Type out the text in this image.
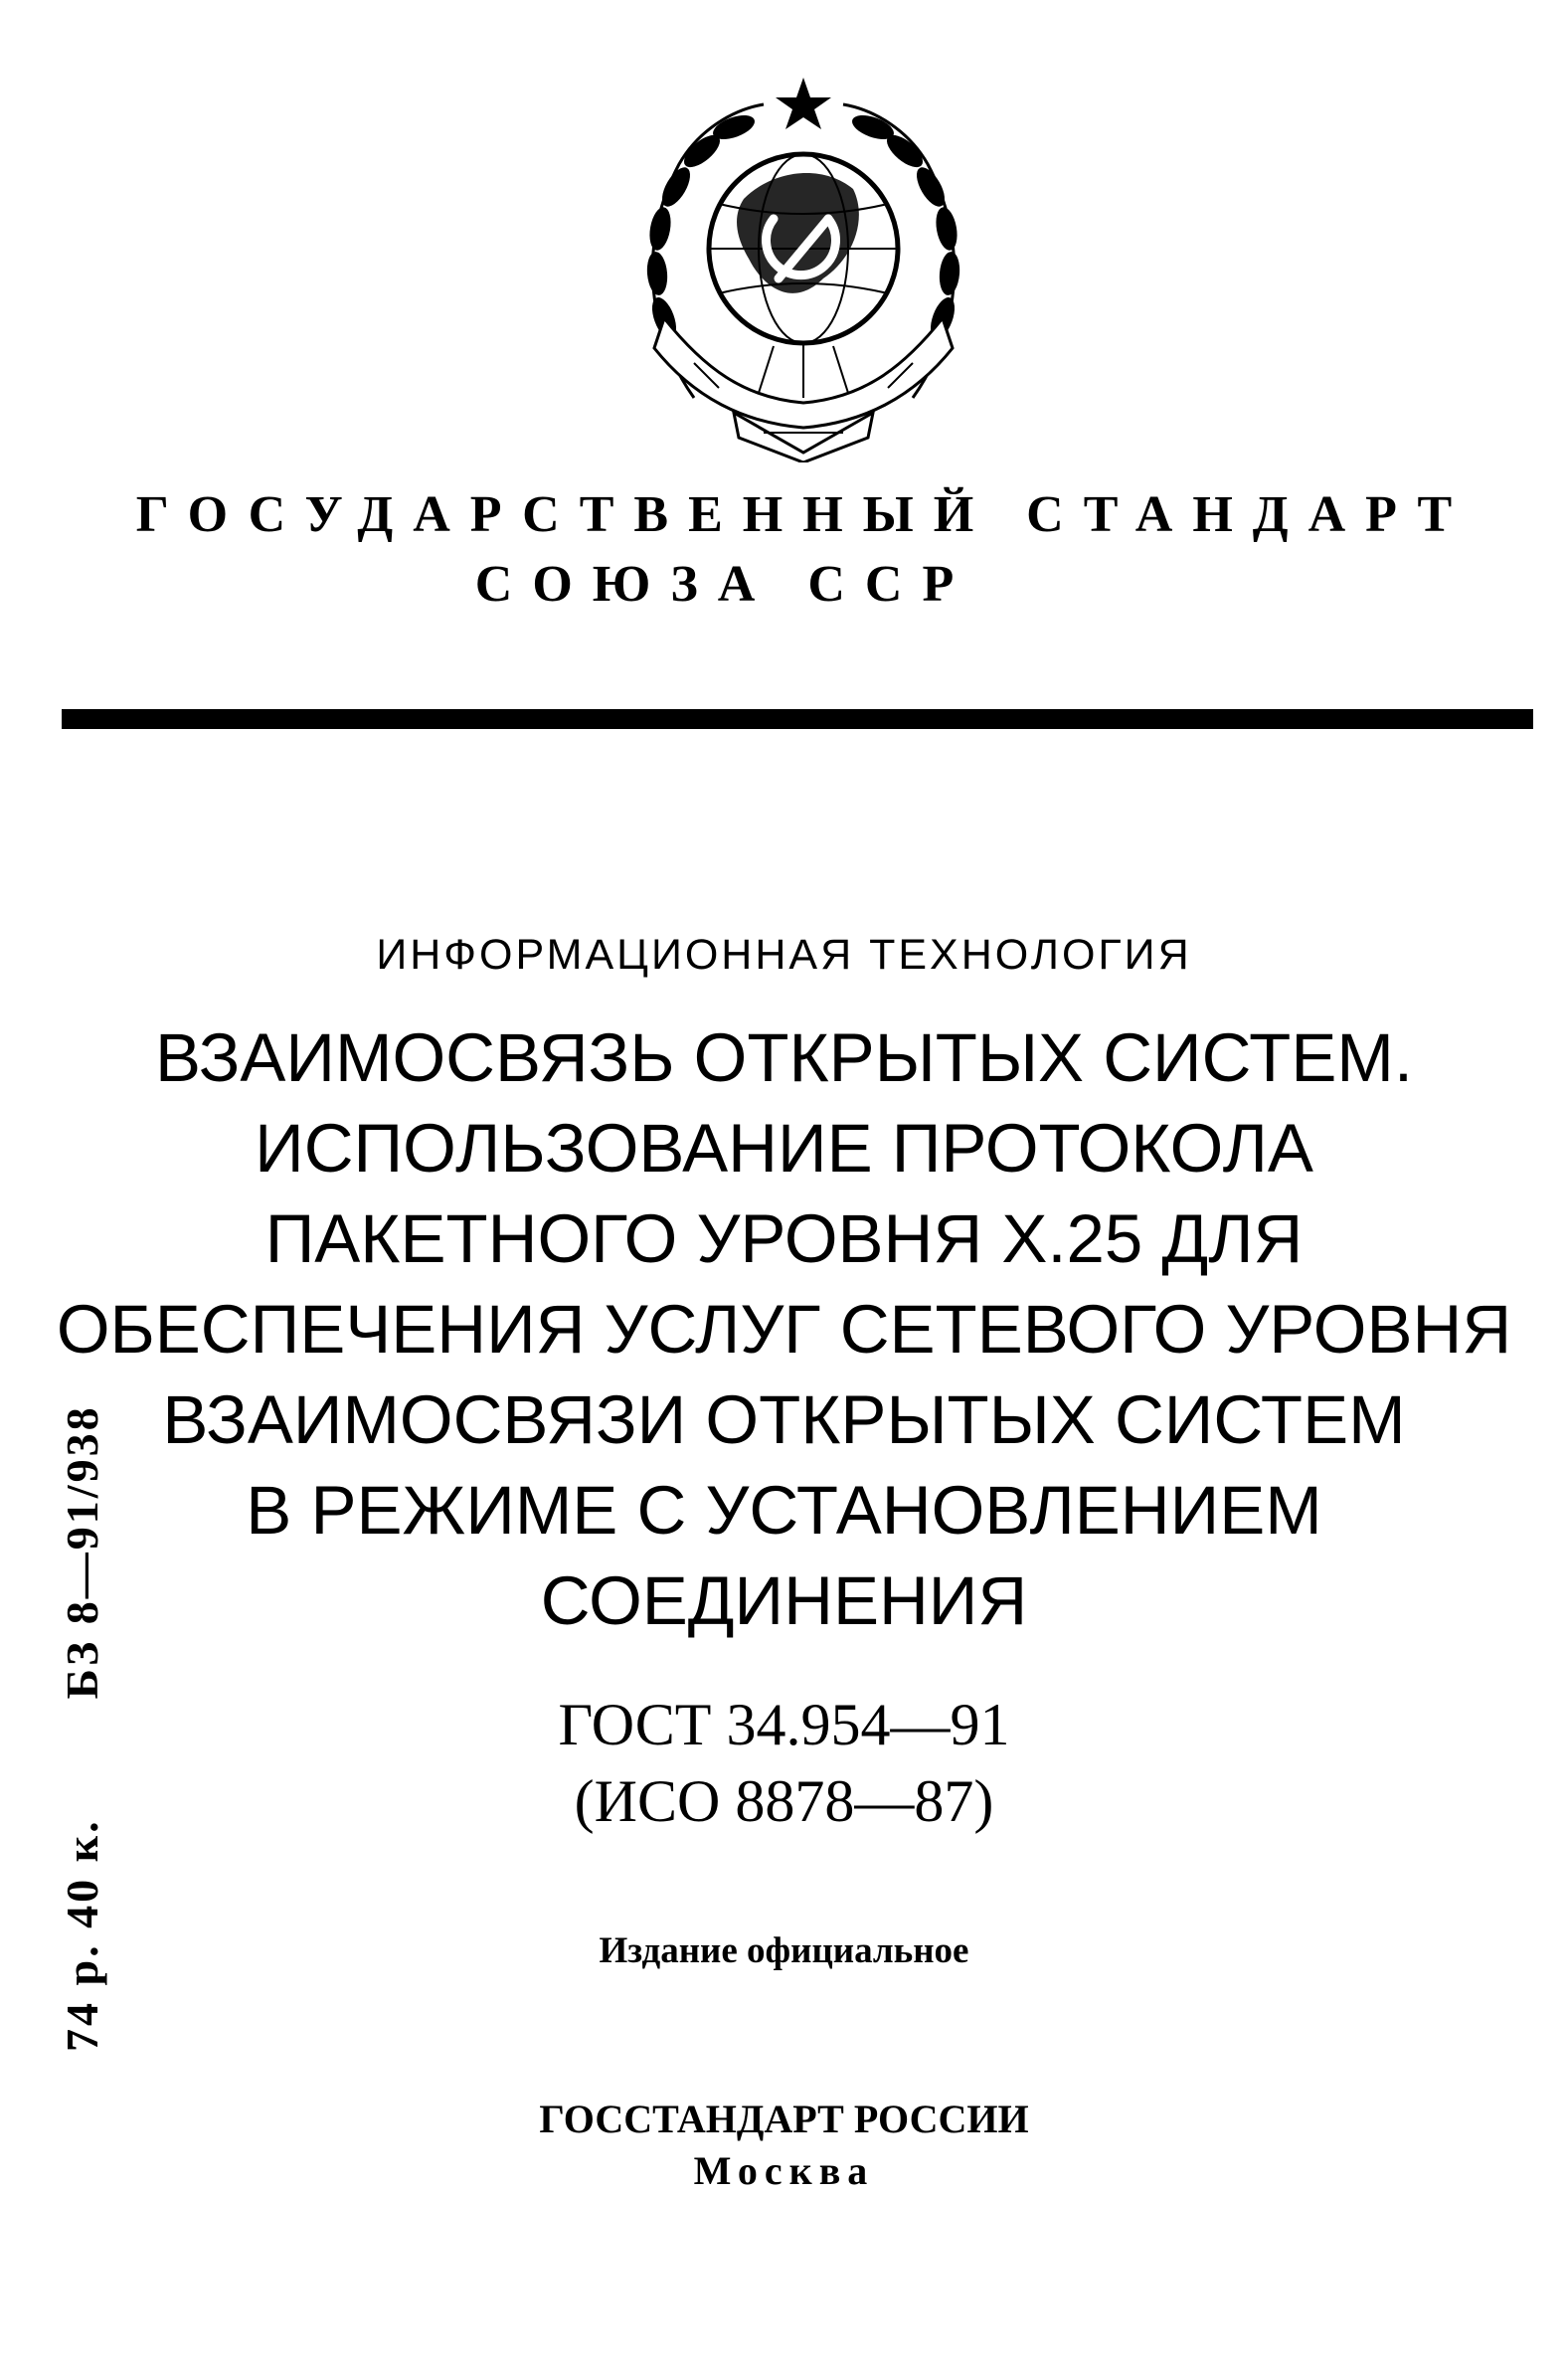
ГОСУДАРСТВЕННЫЙ СТАНДАРТ
СОЮЗА ССР
ИНФОРМАЦИОННАЯ ТЕХНОЛОГИЯ
ВЗАИМОСВЯЗЬ ОТКРЫТЫХ СИСТЕМ.
ИСПОЛЬЗОВАНИЕ ПРОТОКОЛА
ПАКЕТНОГО УРОВНЯ X.25 ДЛЯ
ОБЕСПЕЧЕНИЯ УСЛУГ СЕТЕВОГО УРОВНЯ
ВЗАИМОСВЯЗИ ОТКРЫТЫХ СИСТЕМ
В РЕЖИМЕ С УСТАНОВЛЕНИЕМ
СОЕДИНЕНИЯ
ГОСТ 34.954—91
(ИСО 8878—87)
Издание официальное
ГОССТАНДАРТ РОССИИ
Москва
74 р. 40 к.
БЗ 8—91/938
